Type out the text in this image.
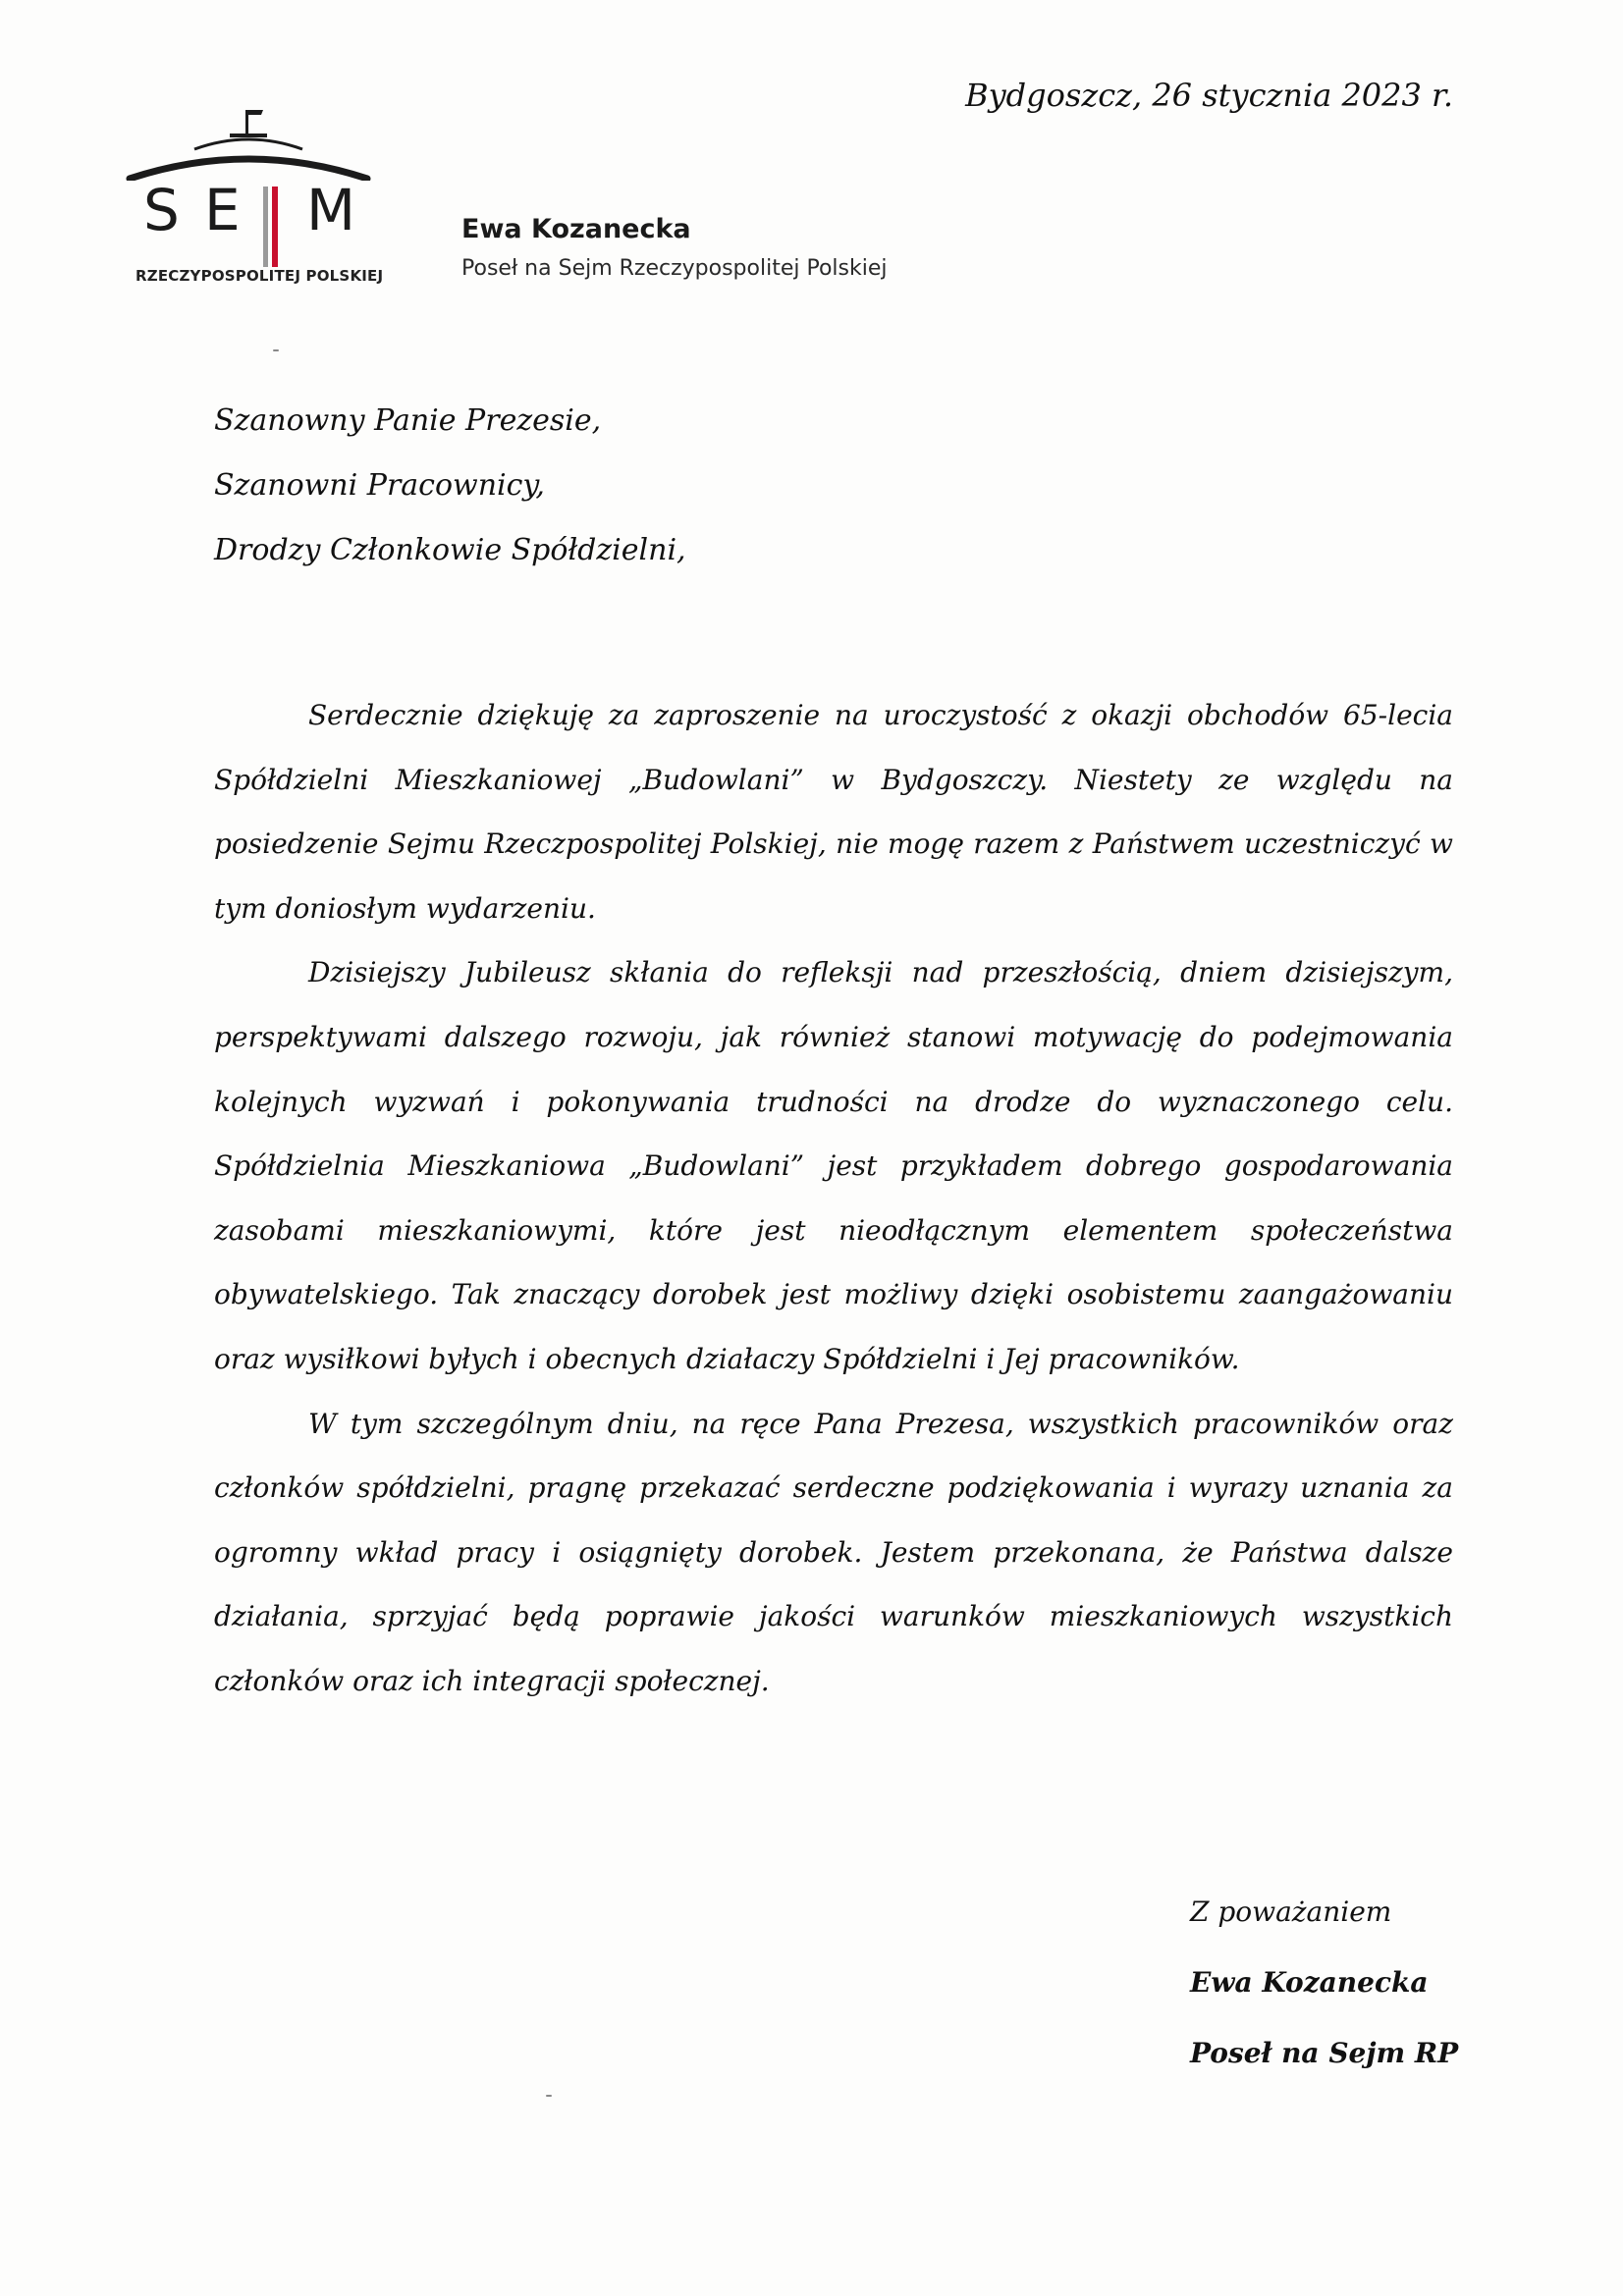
Bydgoszcz, 26 stycznia 2023 r.
S E M
RZECZYPOSPOLITEJ POLSKIEJ
Ewa Kozanecka
Poseł na Sejm Rzeczypospolitej Polskiej
Szanowny Panie Prezesie,
Szanowni Pracownicy,
Drodzy Członkowie Spółdzielni,

Serdecznie dziękuję za zaproszenie na uroczystość z okazji obchodów 65-lecia Spółdzielni Mieszkaniowej „Budowlani” w Bydgoszczy. Niestety ze względu na posiedzenie Sejmu Rzeczpospolitej Polskiej, nie mogę razem z Państwem uczestniczyć w tym doniosłym wydarzeniu.

Dzisiejszy Jubileusz skłania do refleksji nad przeszłością, dniem dzisiejszym, perspektywami dalszego rozwoju, jak również stanowi motywację do podejmowania kolejnych wyzwań i pokonywania trudności na drodze do wyznaczonego celu. Spółdzielnia Mieszkaniowa „Budowlani” jest przykładem dobrego gospodarowania zasobami mieszkaniowymi, które jest nieodłącznym elementem społeczeństwa obywatelskiego. Tak znaczący dorobek jest możliwy dzięki osobistemu zaangażowaniu oraz wysiłkowi byłych i obecnych działaczy Spółdzielni i Jej pracowników.

W tym szczególnym dniu, na ręce Pana Prezesa, wszystkich pracowników oraz członków spółdzielni, pragnę przekazać serdeczne podziękowania i wyrazy uznania za ogromny wkład pracy i osiągnięty dorobek. Jestem przekonana, że Państwa dalsze działania, sprzyjać będą poprawie jakości warunków mieszkaniowych wszystkich członków oraz ich integracji społecznej.

Z poważaniem
Ewa Kozanecka
Poseł na Sejm RP
